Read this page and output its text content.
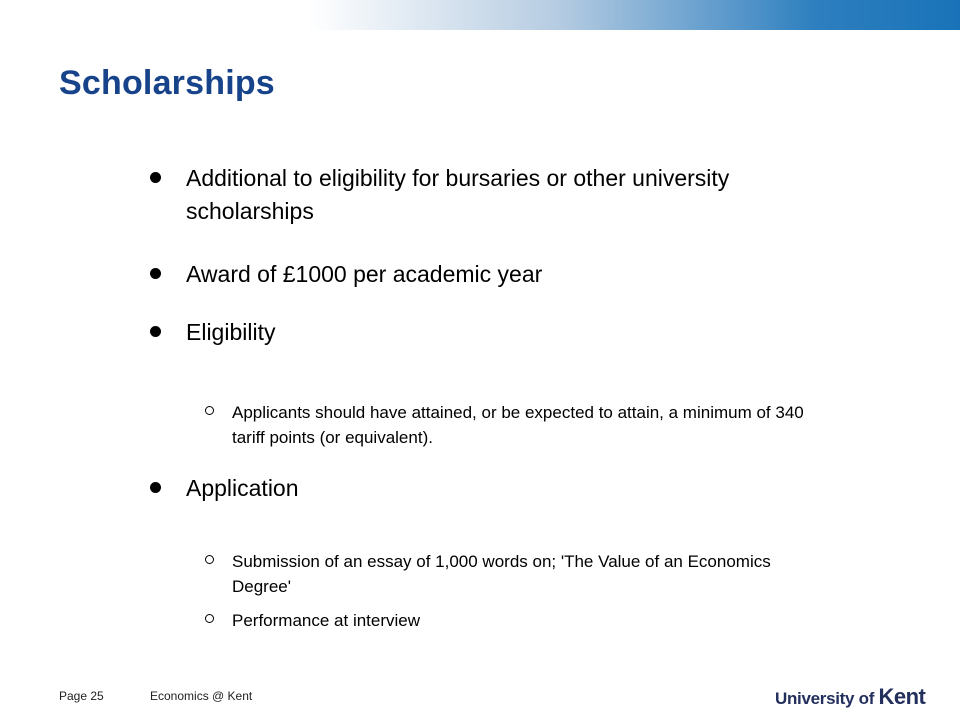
Scholarships
Additional to eligibility for bursaries or other university scholarships
Award of £1000 per academic year
Eligibility
Applicants should have attained, or be expected to attain, a minimum of 340 tariff points (or equivalent).
Application
Submission of an essay of 1,000 words on; 'The Value of an Economics Degree'
Performance at interview
Page 25	Economics @ Kent	University of Kent
